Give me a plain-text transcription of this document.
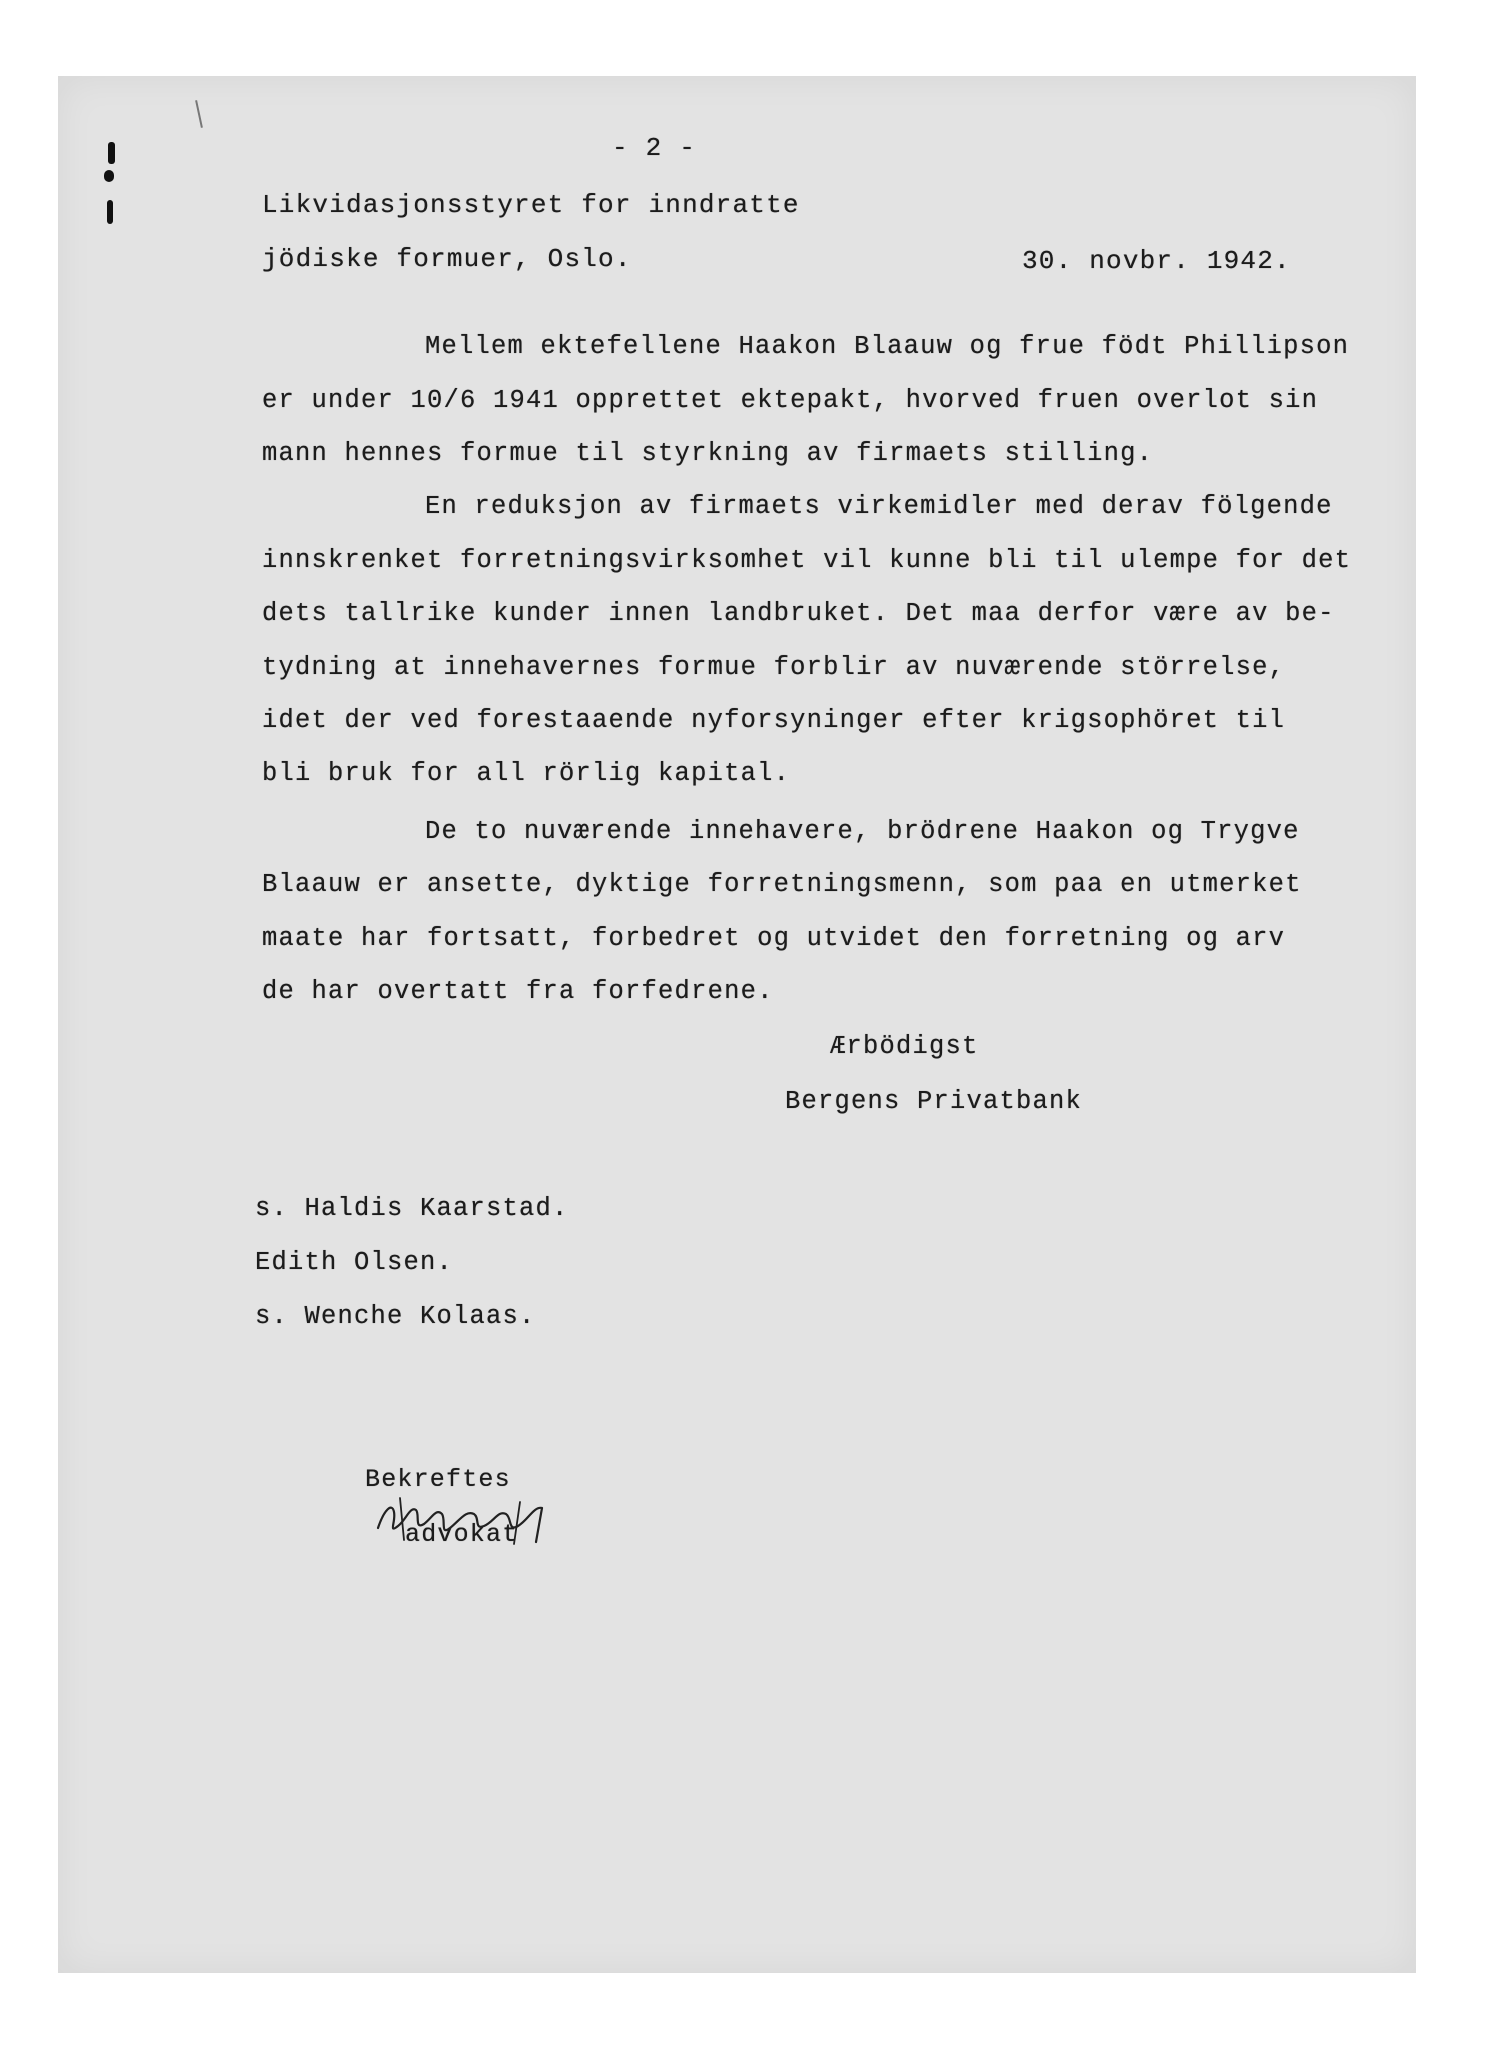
- 2 -
Likvidasjonsstyret for inndratte
jödiske formuer, Oslo.	30. novbr. 1942.
Mellem ektefellene Haakon Blaauw og frue födt Phillipson
er under 10/6 1941 opprettet ektepakt, hvorved fruen overlot sin
mann hennes formue til styrkning av firmaets stilling.
En reduksjon av firmaets virkemidler med derav fölgende
innskrenket forretningsvirksomhet vil kunne bli til ulempe for det
dets tallrike kunder innen landbruket. Det maa derfor være av be-
tydning at innehavernes formue forblir av nuværende störrelse,
idet der ved forestaaende nyforsyninger efter krigsophöret til
bli bruk for all rörlig kapital.
De to nuværende innehavere, brödrene Haakon og Trygve
Blaauw er ansette, dyktige forretningsmenn, som paa en utmerket
maate har fortsatt, forbedret og utvidet den forretning og arv
de har overtatt fra forfedrene.
Ærbödigst
Bergens Privatbank
s. Haldis Kaarstad.
Edith Olsen.
s. Wenche Kolaas.
Bekreftes
advokat
